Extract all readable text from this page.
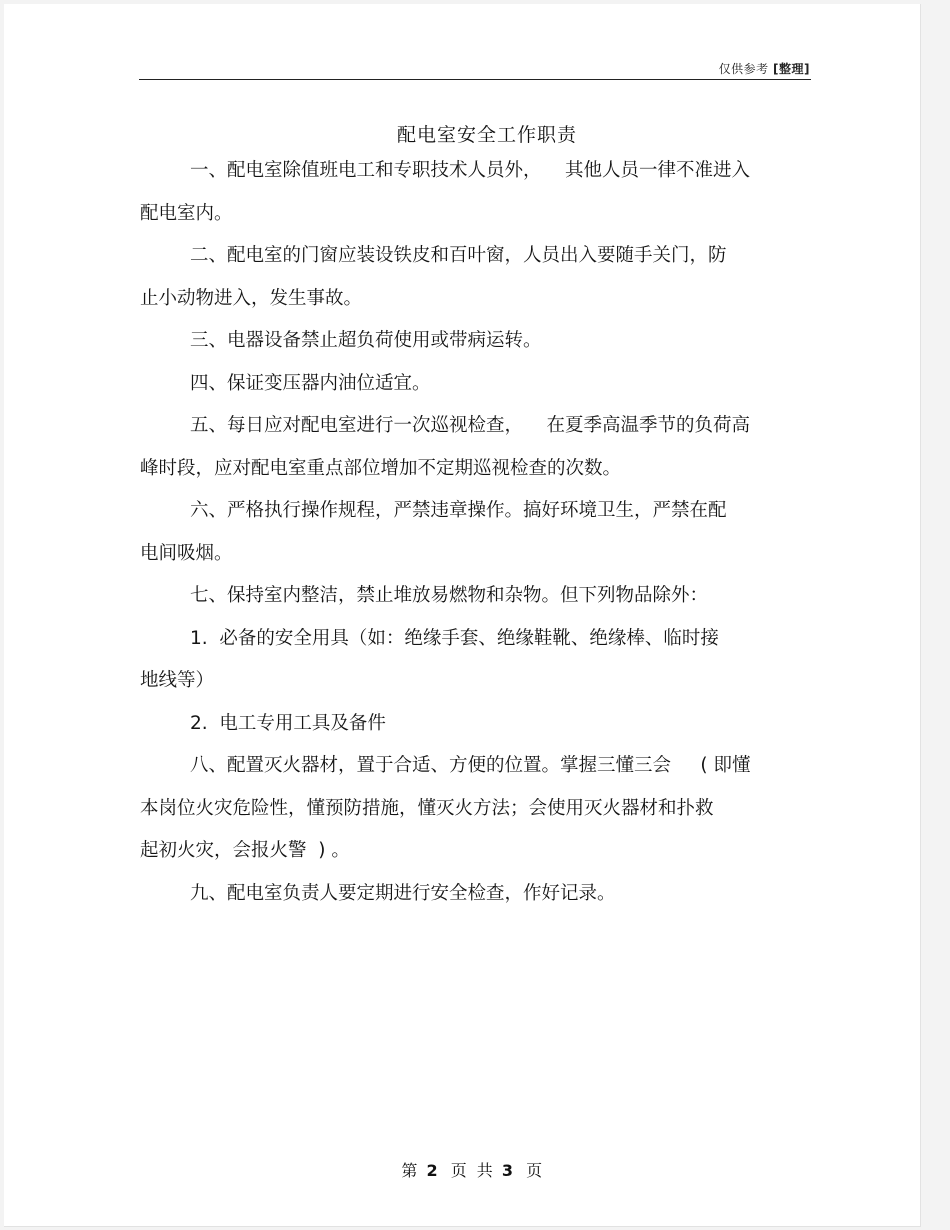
仅供参考 [整理]
配电室安全工作职责

一、配电室除值班电工和专职技术人员外，    其他人员一律不准进入

配电室内。

二、配电室的门窗应装设铁皮和百叶窗，人员出入要随手关门，防

止小动物进入，发生事故。

三、电器设备禁止超负荷使用或带病运转。

四、保证变压器内油位适宜。

五、每日应对配电室进行一次巡视检查，    在夏季高温季节的负荷高

峰时段，应对配电室重点部位增加不定期巡视检查的次数。

六、严格执行操作规程，严禁违章操作。搞好环境卫生，严禁在配

电间吸烟。

七、保持室内整洁，禁止堆放易燃物和杂物。但下列物品除外：

1.  必备的安全用具（如：绝缘手套、绝缘鞋靴、绝缘棒、临时接

地线等）

2.  电工专用工具及备件

八、配置灭火器材，置于合适、方便的位置。掌握三懂三会     ( 即懂

本岗位火灾危险性，懂预防措施，懂灭火方法；会使用灭火器材和扑救

起初火灾，会报火警  ) 。

九、配电室负责人要定期进行安全检查，作好记录。

第 2 页 共 3 页
